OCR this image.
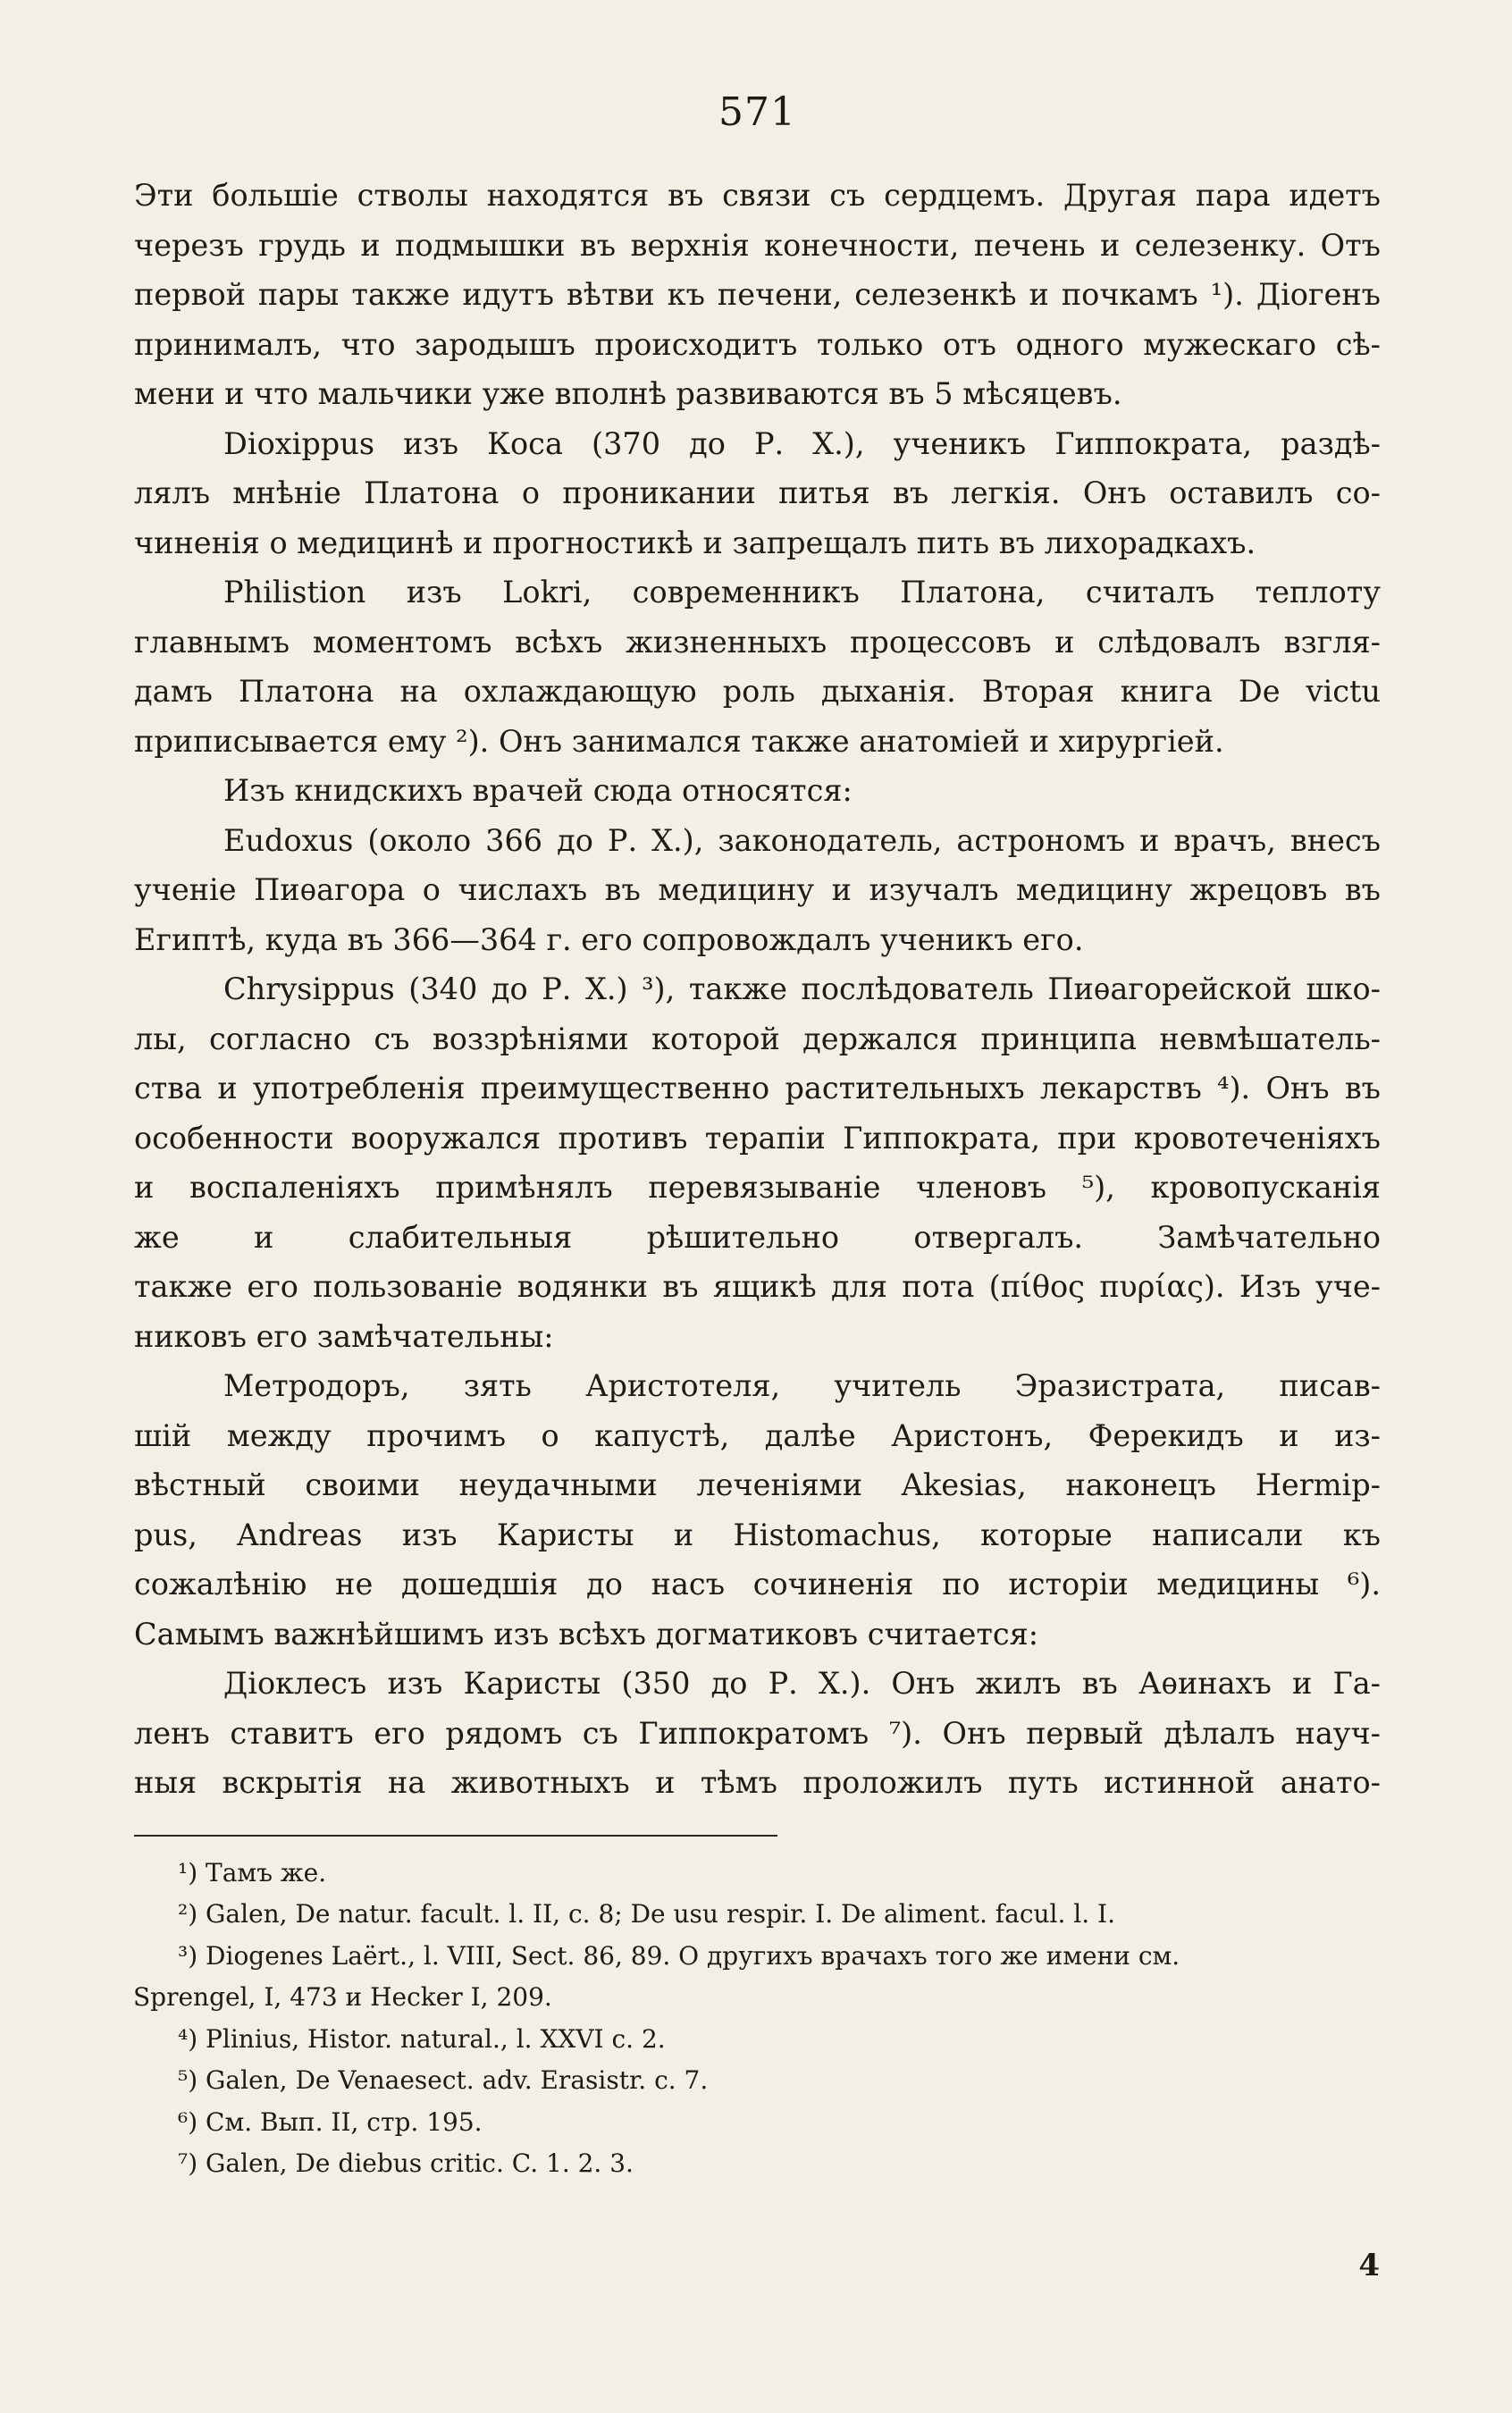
571

Эти большіе стволы находятся въ связи съ сердцемъ. Другая пара идетъ
черезъ грудь и подмышки въ верхнія конечности, печень и селезенку. Отъ
первой пары также идутъ вѣтви къ печени, селезенкѣ и почкамъ ¹). Діогенъ
принималъ, что зародышъ происходитъ только отъ одного мужескаго сѣ-
мени и что мальчики уже вполнѣ развиваются въ 5 мѣсяцевъ.

Dioxippus изъ Коса (370 до Р. Х.), ученикъ Гиппократа, раздѣ-
лялъ мнѣніе Платона о проникании питья въ легкія. Онъ оставилъ со-
чиненія о медицинѣ и прогностикѣ и запрещалъ пить въ лихорадкахъ.

Philistion изъ Lokri, современникъ Платона, считалъ теплоту
главнымъ моментомъ всѣхъ жизненныхъ процессовъ и слѣдовалъ взгля-
дамъ Платона на охлаждающую роль дыханія. Вторая книга De victu
приписывается ему ²). Онъ занимался также анатоміей и хирургіей.

Изъ книдскихъ врачей сюда относятся:

Eudoxus (около 366 до Р. Х.), законодатель, астрономъ и врачъ, внесъ
ученіе Пиѳагора о числахъ въ медицину и изучалъ медицину жрецовъ въ
Египтѣ, куда въ 366—364 г. его сопровождалъ ученикъ его.

Chrysippus (340 до Р. Х.) ³), также послѣдователь Пиѳагорейской шко-
лы, согласно съ воззрѣніями которой держался принципа невмѣшатель-
ства и употребленія преимущественно растительныхъ лекарствъ ⁴). Онъ въ
особенности вооружался противъ терапіи Гиппократа, при кровотеченіяхъ
и воспаленіяхъ примѣнялъ перевязываніе членовъ ⁵), кровопусканія
же и слабительныя рѣшительно отвергалъ. Замѣчательно
также его пользованіе водянки въ ящикѣ для пота (πίθος πυρίας). Изъ уче-
никовъ его замѣчательны:

Метродоръ, зять Аристотеля, учитель Эразистрата, писав-
шій между прочимъ о капустѣ, далѣе Аристонъ, Ферекидъ и из-
вѣстный своими неудачными леченіями Akesias, наконецъ Hermip-
pus, Andreas изъ Каристы и Histomachus, которые написали къ
сожалѣнію не дошедшія до насъ сочиненія по исторіи медицины ⁶).
Самымъ важнѣйшимъ изъ всѣхъ догматиковъ считается:

Діоклесъ изъ Каристы (350 до Р. Х.). Онъ жилъ въ Аѳинахъ и Га-
ленъ ставитъ его рядомъ съ Гиппократомъ ⁷). Онъ первый дѣлалъ науч-
ныя вскрытія на животныхъ и тѣмъ проложилъ путь истинной анато-

¹) Тамъ же.

²) Galen, De natur. facult. l. II, c. 8; De usu respir. I. De aliment. facul. l. I.

³) Diogenes Laërt., l. VIII, Sect. 86, 89. О другихъ врачахъ того же имени см.

Sprengel, I, 473 и Hecker I, 209.

⁴) Plinius, Histor. natural., l. XXVI c. 2.

⁵) Galen, De Venaesect. adv. Erasistr. c. 7.

⁶) См. Вып. II, стр. 195.

⁷) Galen, De diebus critic. C. 1. 2. 3.

4
